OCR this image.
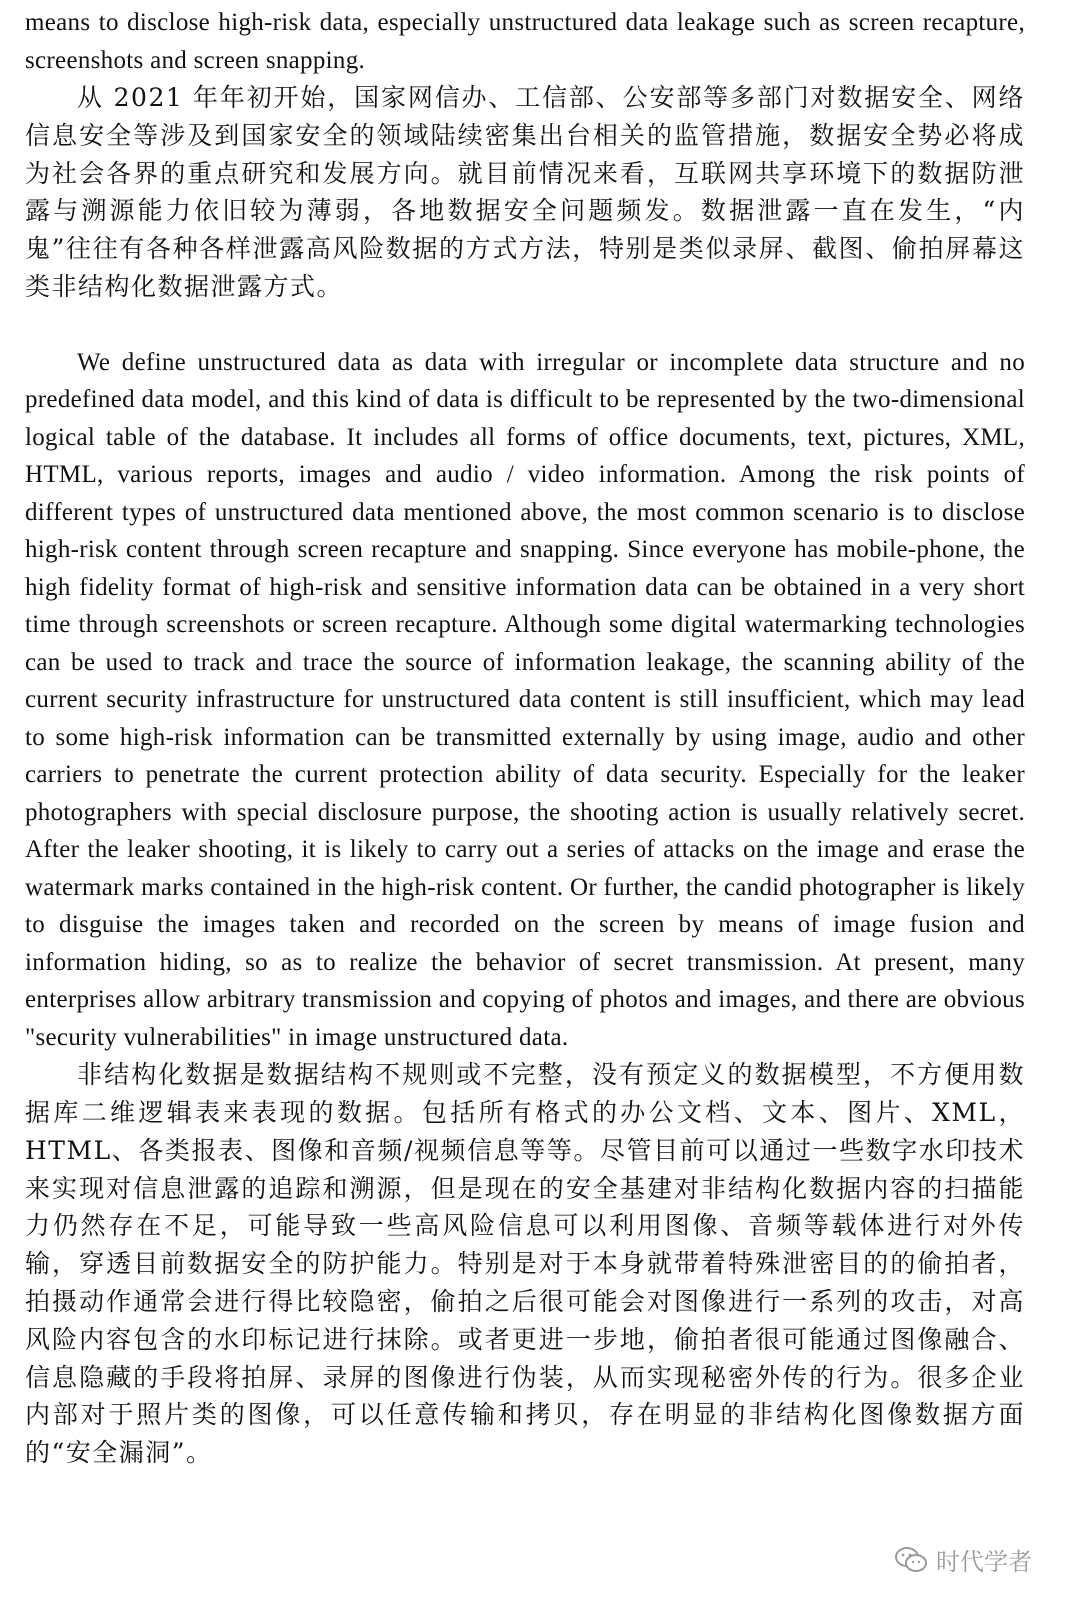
means to disclose high-risk data, especially unstructured data leakage such as screen recapture, screenshots and screen snapping.

从 2021 年年初开始，国家网信办、工信部、公安部等多部门对数据安全、网络信息安全等涉及到国家安全的领域陆续密集出台相关的监管措施，数据安全势必将成为社会各界的重点研究和发展方向。就目前情况来看，互联网共享环境下的数据防泄露与溯源能力依旧较为薄弱，各地数据安全问题频发。数据泄露一直在发生，“内鬼”往往有各种各样泄露高风险数据的方式方法，特别是类似录屏、截图、偷拍屏幕这类非结构化数据泄露方式。

We define unstructured data as data with irregular or incomplete data structure and no predefined data model, and this kind of data is difficult to be represented by the two-dimensional logical table of the database. It includes all forms of office documents, text, pictures, XML, HTML, various reports, images and audio / video information. Among the risk points of different types of unstructured data mentioned above, the most common scenario is to disclose high-risk content through screen recapture and snapping. Since everyone has mobile-phone, the high fidelity format of high-risk and sensitive information data can be obtained in a very short time through screenshots or screen recapture. Although some digital watermarking technologies can be used to track and trace the source of information leakage, the scanning ability of the current security infrastructure for unstructured data content is still insufficient, which may lead to some high-risk information can be transmitted externally by using image, audio and other carriers to penetrate the current protection ability of data security. Especially for the leaker photographers with special disclosure purpose, the shooting action is usually relatively secret. After the leaker shooting, it is likely to carry out a series of attacks on the image and erase the watermark marks contained in the high-risk content. Or further, the candid photographer is likely to disguise the images taken and recorded on the screen by means of image fusion and information hiding, so as to realize the behavior of secret transmission. At present, many enterprises allow arbitrary transmission and copying of photos and images, and there are obvious "security vulnerabilities" in image unstructured data.

非结构化数据是数据结构不规则或不完整，没有预定义的数据模型，不方便用数据库二维逻辑表来表现的数据。包括所有格式的办公文档、文本、图片、XML，HTML、各类报表、图像和音频/视频信息等等。尽管目前可以通过一些数字水印技术来实现对信息泄露的追踪和溯源，但是现在的安全基建对非结构化数据内容的扫描能力仍然存在不足，可能导致一些高风险信息可以利用图像、音频等载体进行对外传输，穿透目前数据安全的防护能力。特别是对于本身就带着特殊泄密目的的偷拍者，拍摄动作通常会进行得比较隐密，偷拍之后很可能会对图像进行一系列的攻击，对高风险内容包含的水印标记进行抹除。或者更进一步地，偷拍者很可能通过图像融合、信息隐藏的手段将拍屏、录屏的图像进行伪装，从而实现秘密外传的行为。很多企业内部对于照片类的图像，可以任意传输和拷贝，存在明显的非结构化图像数据方面的“安全漏洞”。

时代学者
